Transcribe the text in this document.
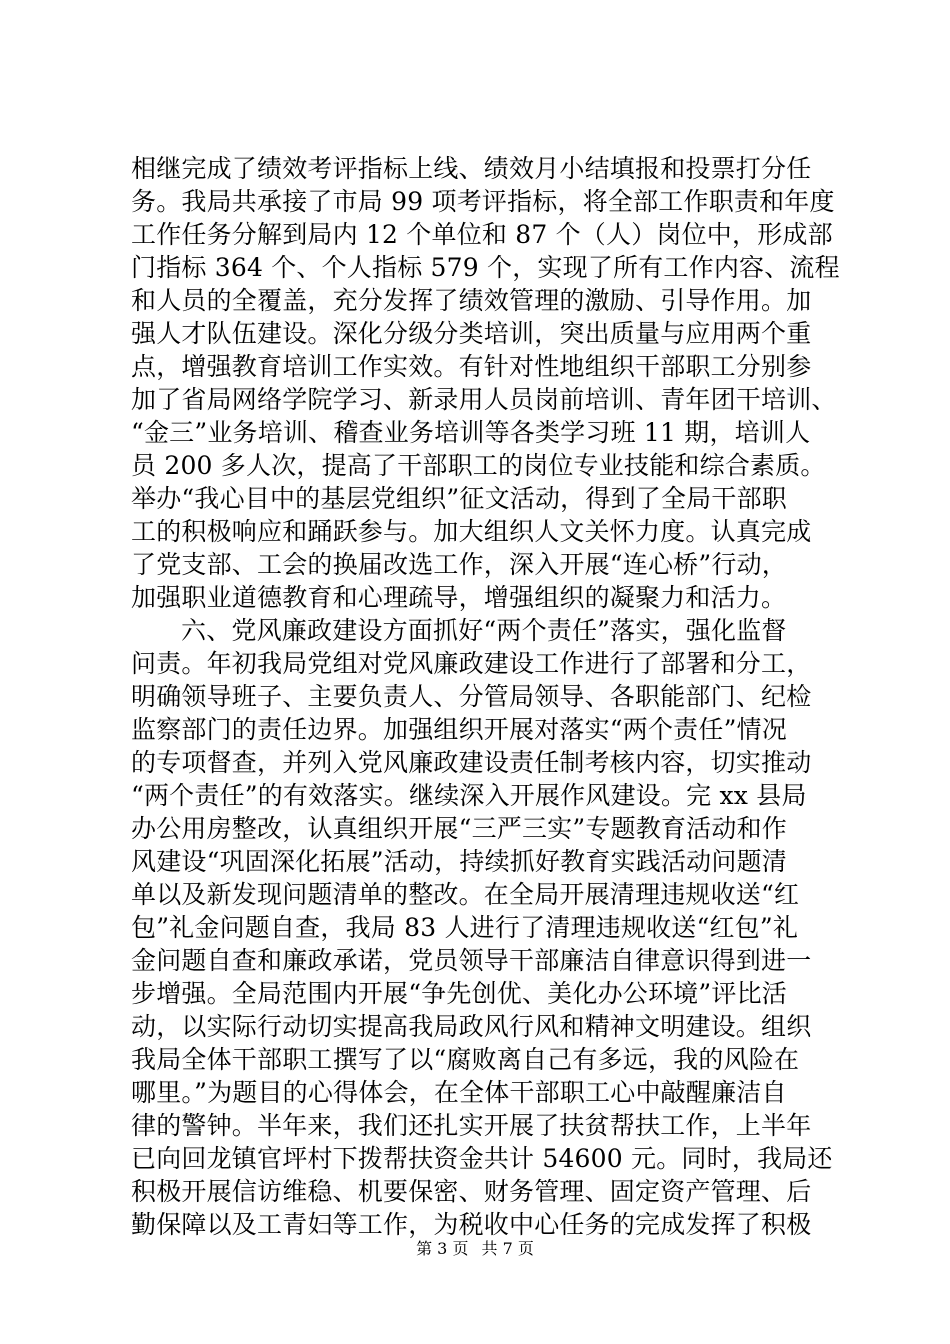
相继完成了绩效考评指标上线、绩效月小结填报和投票打分任
务。我局共承接了市局 99 项考评指标，将全部工作职责和年度
工作任务分解到局内 12 个单位和 87 个（人）岗位中，形成部
门指标 364 个、个人指标 579 个，实现了所有工作内容、流程
和人员的全覆盖，充分发挥了绩效管理的激励、引导作用。加
强人才队伍建设。深化分级分类培训，突出质量与应用两个重
点，增强教育培训工作实效。有针对性地组织干部职工分别参
加了省局网络学院学习、新录用人员岗前培训、青年团干培训、
“金三”业务培训、稽查业务培训等各类学习班 11 期，培训人
员 200 多人次，提高了干部职工的岗位专业技能和综合素质。
举办“我心目中的基层党组织”征文活动，得到了全局干部职
工的积极响应和踊跃参与。加大组织人文关怀力度。认真完成
了党支部、工会的换届改选工作，深入开展“连心桥”行动，
加强职业道德教育和心理疏导，增强组织的凝聚力和活力。
六、党风廉政建设方面抓好“两个责任”落实，强化监督
问责。年初我局党组对党风廉政建设工作进行了部署和分工，
明确领导班子、主要负责人、分管局领导、各职能部门、纪检
监察部门的责任边界。加强组织开展对落实“两个责任”情况
的专项督查，并列入党风廉政建设责任制考核内容，切实推动
“两个责任”的有效落实。继续深入开展作风建设。完 xx 县局
办公用房整改，认真组织开展“三严三实”专题教育活动和作
风建设“巩固深化拓展”活动，持续抓好教育实践活动问题清
单以及新发现问题清单的整改。在全局开展清理违规收送“红
包”礼金问题自查，我局 83 人进行了清理违规收送“红包”礼
金问题自查和廉政承诺，党员领导干部廉洁自律意识得到进一
步增强。全局范围内开展“争先创优、美化办公环境”评比活
动，以实际行动切实提高我局政风行风和精神文明建设。组织
我局全体干部职工撰写了以“腐败离自己有多远，我的风险在
哪里。”为题目的心得体会，在全体干部职工心中敲醒廉洁自
律的警钟。半年来，我们还扎实开展了扶贫帮扶工作，上半年
已向回龙镇官坪村下拨帮扶资金共计 54600 元。同时，我局还
积极开展信访维稳、机要保密、财务管理、固定资产管理、后
勤保障以及工青妇等工作，为税收中心任务的完成发挥了积极
第 3 页 共 7 页
